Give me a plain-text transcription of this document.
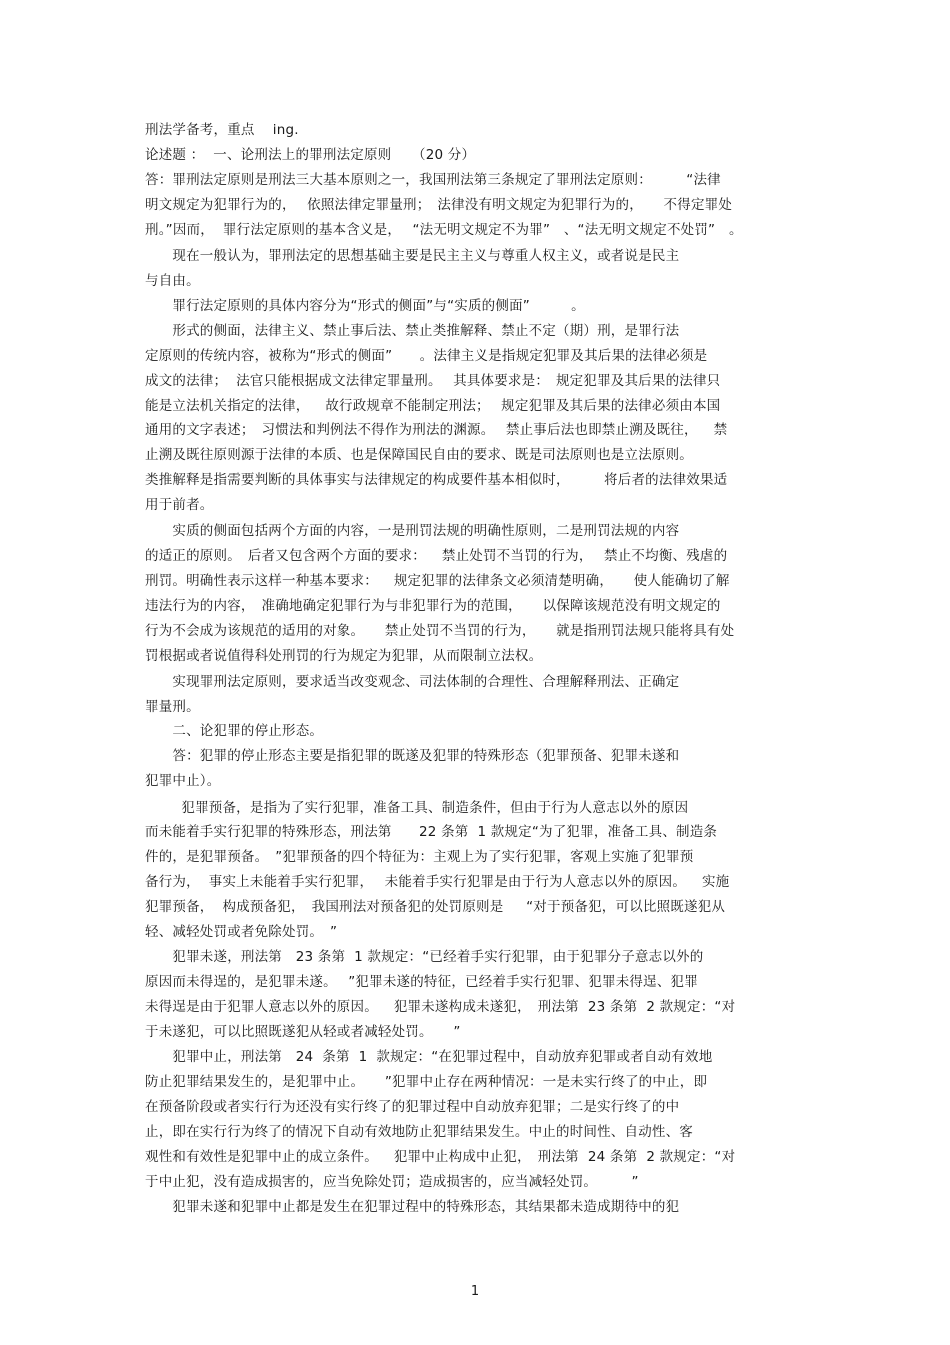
刑法学备考，重点　 ing.
论述题 ：  一、论刑法上的罪刑法定原则　　（20 分）
答：罪刑法定原则是刑法三大基本原则之一，我国刑法第三条规定了罪刑法定原则：　　　“法律
明文规定为犯罪行为的，　 依照法律定罪量刑；　法律没有明文规定为犯罪行为的，　　不得定罪处
刑。”因而，  罪行法定原则的基本含义是，　 “法无明文规定不为罪”　、“法无明文规定不处罚”　。
　　现在一般认为，罪刑法定的思想基础主要是民主主义与尊重人权主义，或者说是民主
与自由。
　　罪行法定原则的具体内容分为“形式的侧面”与“实质的侧面”　　　。
　　形式的侧面，法律主义、禁止事后法、禁止类推解释、禁止不定（期）刑，是罪行法
定原则的传统内容，被称为“形式的侧面”　　。法律主义是指规定犯罪及其后果的法律必须是
成文的法律；  法官只能根据成文法律定罪量刑。　 其具体要求是：　规定犯罪及其后果的法律只
能是立法机关指定的法律，　  故行政规章不能制定刑法；　 规定犯罪及其后果的法律必须由本国
通用的文字表述；　习惯法和判例法不得作为刑法的渊源。　 禁止事后法也即禁止溯及既往，　  禁
止溯及既往原则源于法律的本质、也是保障国民自由的要求、既是司法原则也是立法原则。
类推解释是指需要判断的具体事实与法律规定的构成要件基本相似时，　　　将后者的法律效果适
用于前者。
　　实质的侧面包括两个方面的内容，一是刑罚法规的明确性原则，二是刑罚法规的内容
的适正的原则。　后者又包含两个方面的要求：　  禁止处罚不当罚的行为，　 禁止不均衡、残虐的
刑罚。明确性表示这样一种基本要求：　  规定犯罪的法律条文必须清楚明确，　　使人能确切了解
违法行为的内容，　准确地确定犯罪行为与非犯罪行为的范围，　　以保障该规范没有明文规定的
行为不会成为该规范的适用的对象。　　禁止处罚不当罚的行为，　　就是指刑罚法规只能将具有处
罚根据或者说值得科处刑罚的行为规定为犯罪，从而限制立法权。
　　实现罪刑法定原则，要求适当改变观念、司法体制的合理性、合理解释刑法、正确定
罪量刑。
　　二、论犯罪的停止形态。
　　答：犯罪的停止形态主要是指犯罪的既遂及犯罪的特殊形态（犯罪预备、犯罪未遂和
犯罪中止）。
　　  犯罪预备，是指为了实行犯罪，准备工具、制造条件，但由于行为人意志以外的原因
而未能着手实行犯罪的特殊形态，刑法第　　22 条第  1 款规定“为了犯罪，准备工具、制造条
件的，是犯罪预备。　”犯罪预备的四个特征为：主观上为了实行犯罪，客观上实施了犯罪预
备行为，  事实上未能着手实行犯罪，　 未能着手实行犯罪是由于行为人意志以外的原因。　  实施
犯罪预备，  构成预备犯，　我国刑法对预备犯的处罚原则是　  “对于预备犯，可以比照既遂犯从
轻、减轻处罚或者免除处罚。　”
　　犯罪未遂，刑法第　23 条第  1 款规定：“已经着手实行犯罪，由于犯罪分子意志以外的
原因而未得逞的，是犯罪未遂。　 ”犯罪未遂的特征，已经着手实行犯罪、犯罪未得逞、犯罪
未得逞是由于犯罪人意志以外的原因。　  犯罪未遂构成未遂犯，　刑法第  23 条第  2 款规定：“对
于未遂犯，可以比照既遂犯从轻或者减轻处罚。　　”
　　犯罪中止，刑法第　24  条第  1  款规定：“在犯罪过程中，自动放弃犯罪或者自动有效地
防止犯罪结果发生的，是犯罪中止。　　”犯罪中止存在两种情况：一是未实行终了的中止，即
在预备阶段或者实行行为还没有实行终了的犯罪过程中自动放弃犯罪；二是实行终了的中
止，即在实行行为终了的情况下自动有效地防止犯罪结果发生。中止的时间性、自动性、客
观性和有效性是犯罪中止的成立条件。　  犯罪中止构成中止犯，　刑法第  24 条第  2 款规定：“对
于中止犯，没有造成损害的，应当免除处罚；造成损害的，应当减轻处罚。　　　”
　　犯罪未遂和犯罪中止都是发生在犯罪过程中的特殊形态，其结果都未造成期待中的犯
1
